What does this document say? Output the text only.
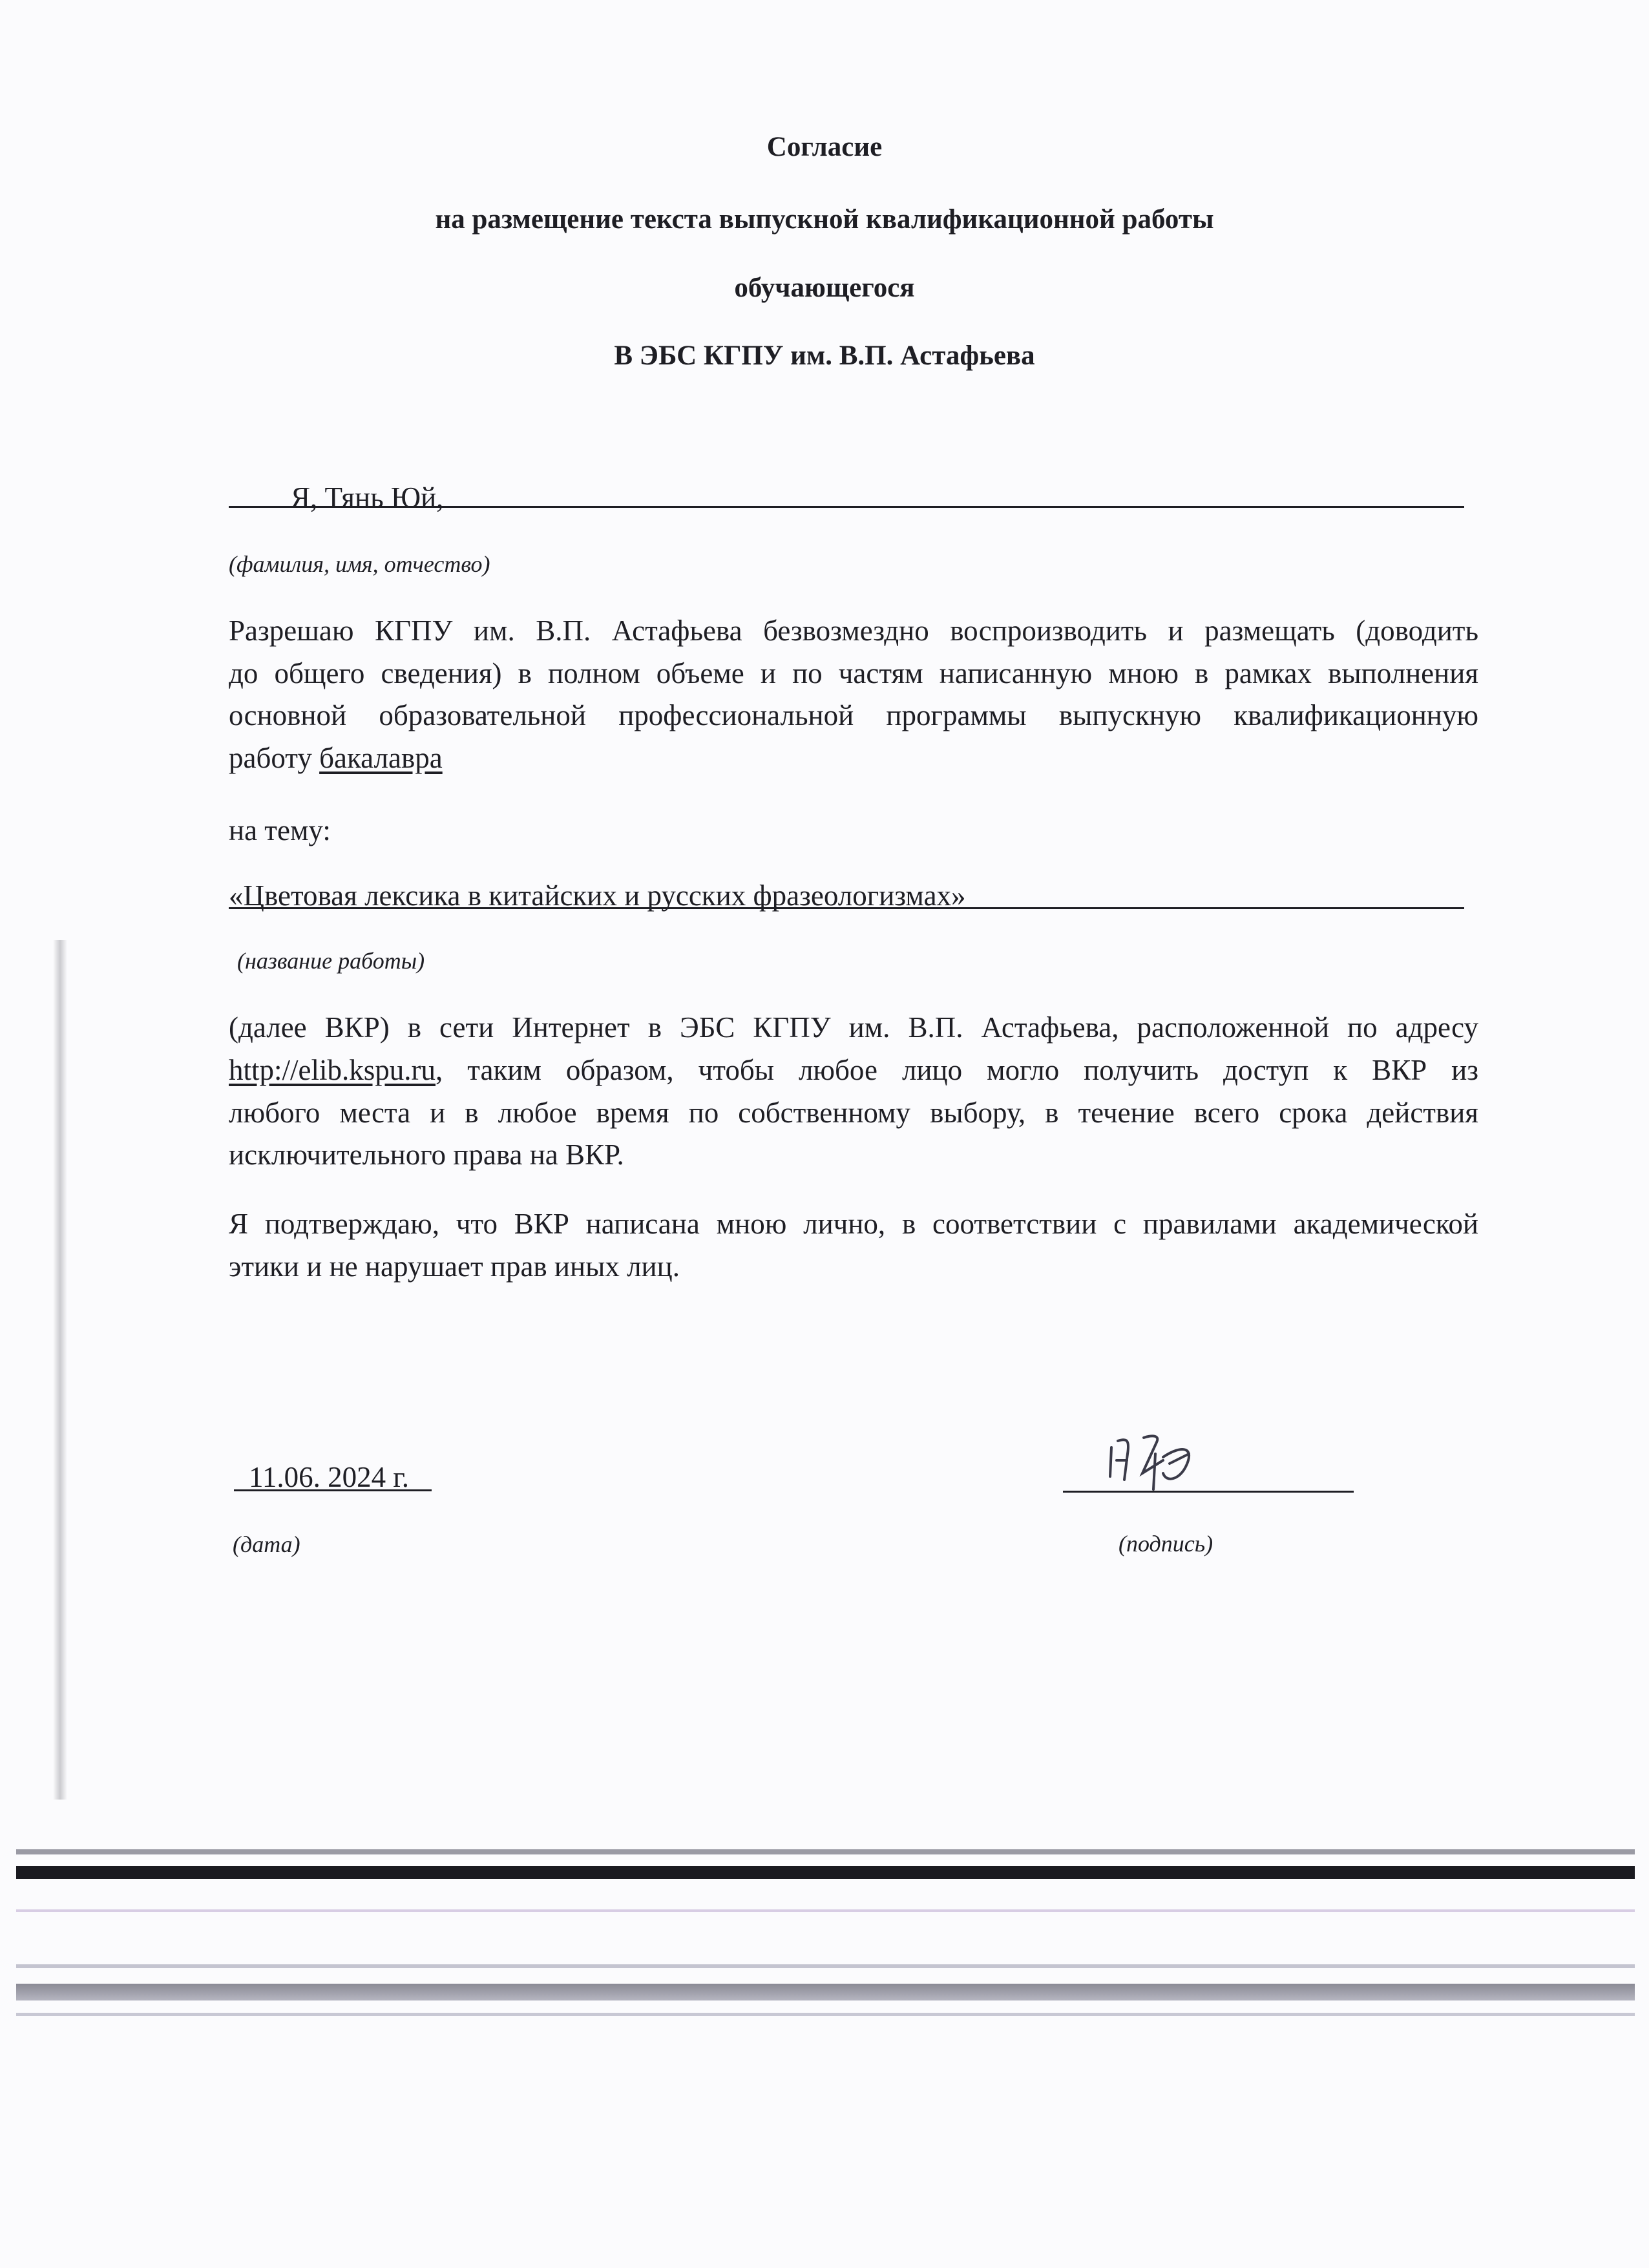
Согласие
на размещение текста выпускной квалификационной работы
обучающегося
В ЭБС КГПУ им. В.П. Астафьева
Я, Тянь Юй,
(фамилия, имя, отчество)
Разрешаю КГПУ им. В.П. Астафьева безвозмездно воспроизводить и размещать (доводить
до общего сведения) в полном объеме и по частям написанную мною в рамках выполнения
основной образовательной профессиональной программы выпускную квалификационную
работу бакалавра
на тему:
«Цветовая лексика в китайских и русских фразеологизмах»
(название работы)
(далее ВКР) в сети Интернет в ЭБС КГПУ им. В.П. Астафьева, расположенной по адресу
http://elib.kspu.ru, таким образом, чтобы любое лицо могло получить доступ к ВКР из
любого места и в любое время по собственному выбору, в течение всего срока действия
исключительного права на ВКР.
Я подтверждаю, что ВКР написана мною лично, в соответствии с правилами академической
этики и не нарушает прав иных лиц.
11.06. 2024 г.
(дата)	(подпись)
